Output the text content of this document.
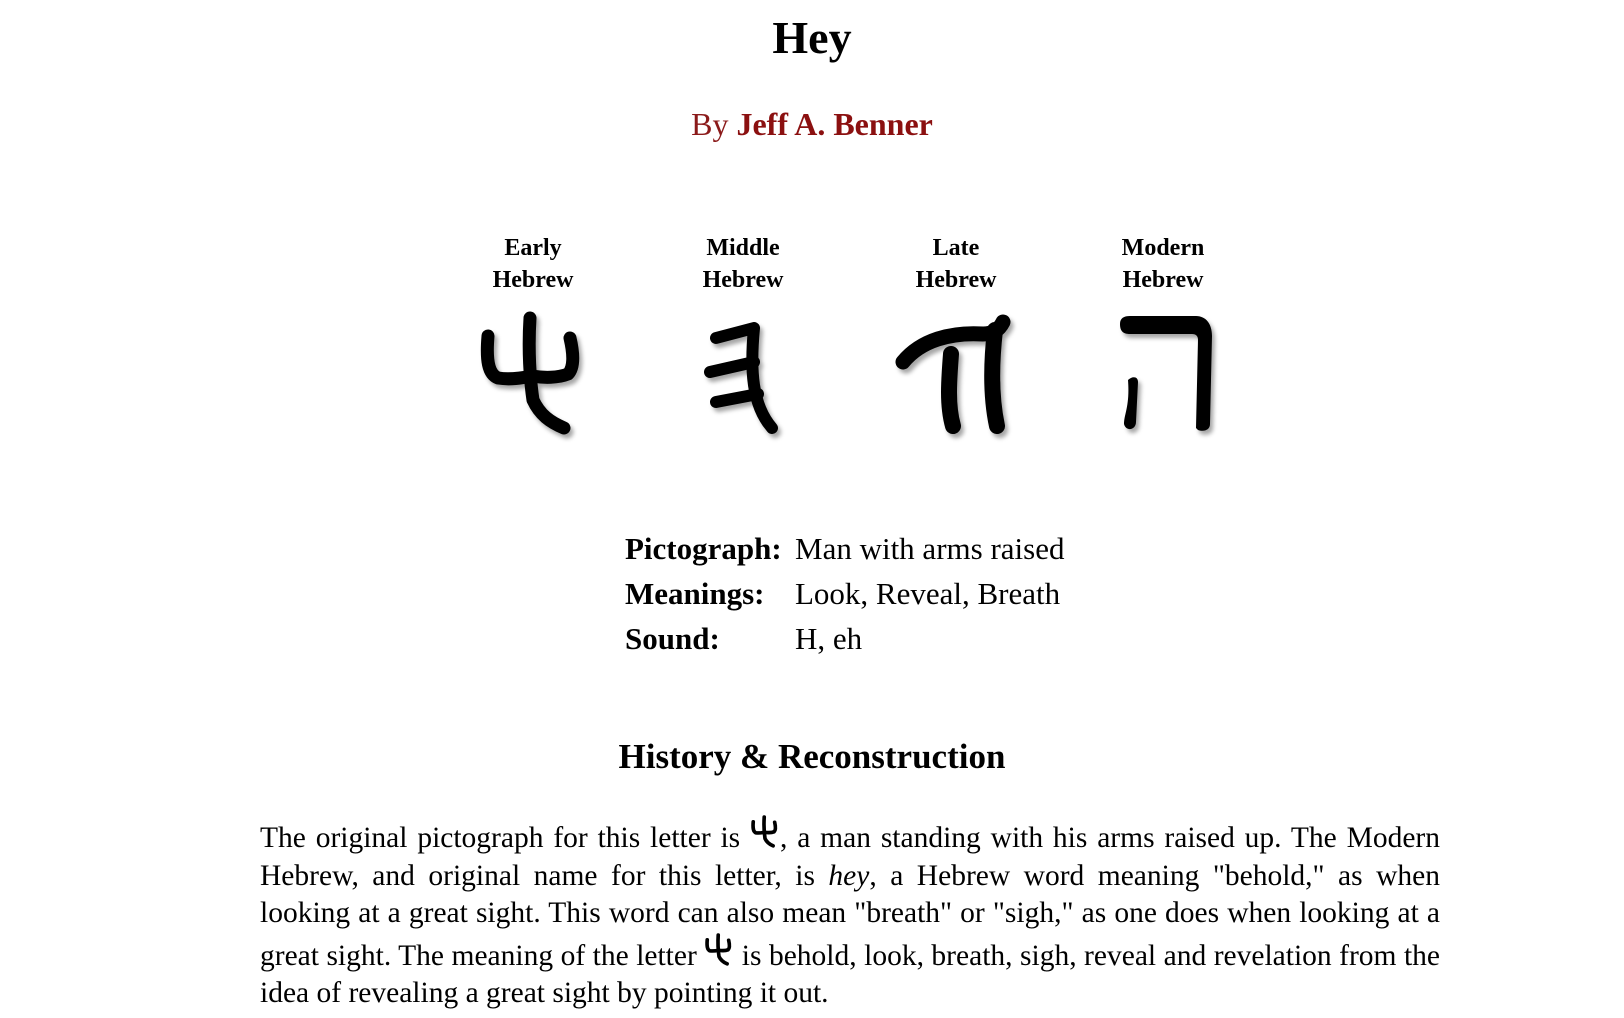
Hey
By Jeff A. Benner
Early
Hebrew
Middle
Hebrew
Late
Hebrew
Modern
Hebrew
Pictograph: Man with arms raised
Meanings: Look, Reveal, Breath
Sound:	H, eh
History & Reconstruction
The original pictograph for this letter is , a man standing with his arms raised up. The Modern Hebrew, and original name for this letter, is hey, a Hebrew word meaning "behold," as when looking at a great sight. This word can also mean "breath" or "sigh," as one does when looking at a great sight. The meaning of the letter  is behold, look, breath, sigh, reveal and revelation from the idea of revealing a great sight by pointing it out.
